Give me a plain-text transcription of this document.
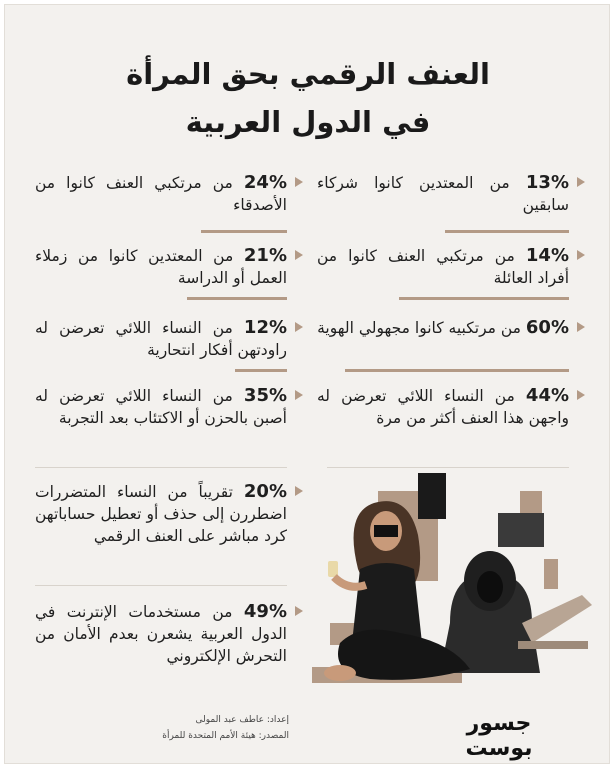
العنف الرقمي بحق المرأة
في الدول العربية
13% من المعتدين كانوا شركاء سابقين
14% من مرتكبي العنف كانوا من أفراد العائلة
60% من مرتكبيه كانوا مجهولي الهوية
44% من النساء اللائي تعرضن له واجهن هذا العنف أكثر من مرة
24% من مرتكبي العنف كانوا من الأصدقاء
21% من المعتدين كانوا من زملاء العمل أو الدراسة
12% من النساء اللائي تعرضن له راودتهن أفكار انتحارية
35% من النساء اللائي تعرضن له أصبن بالحزن أو الاكتئاب بعد التجربة
20% تقريباً من النساء المتضررات اضطررن إلى حذف أو تعطيل حساباتهن كرد مباشر على العنف الرقمي
49% من مستخدمات الإنترنت في الدول العربية يشعرن بعدم الأمان من التحرش الإلكتروني
إعداد: عاطف عبد المولى
المصدر: هيئة الأمم المتحدة للمرأة	جسور بوست
